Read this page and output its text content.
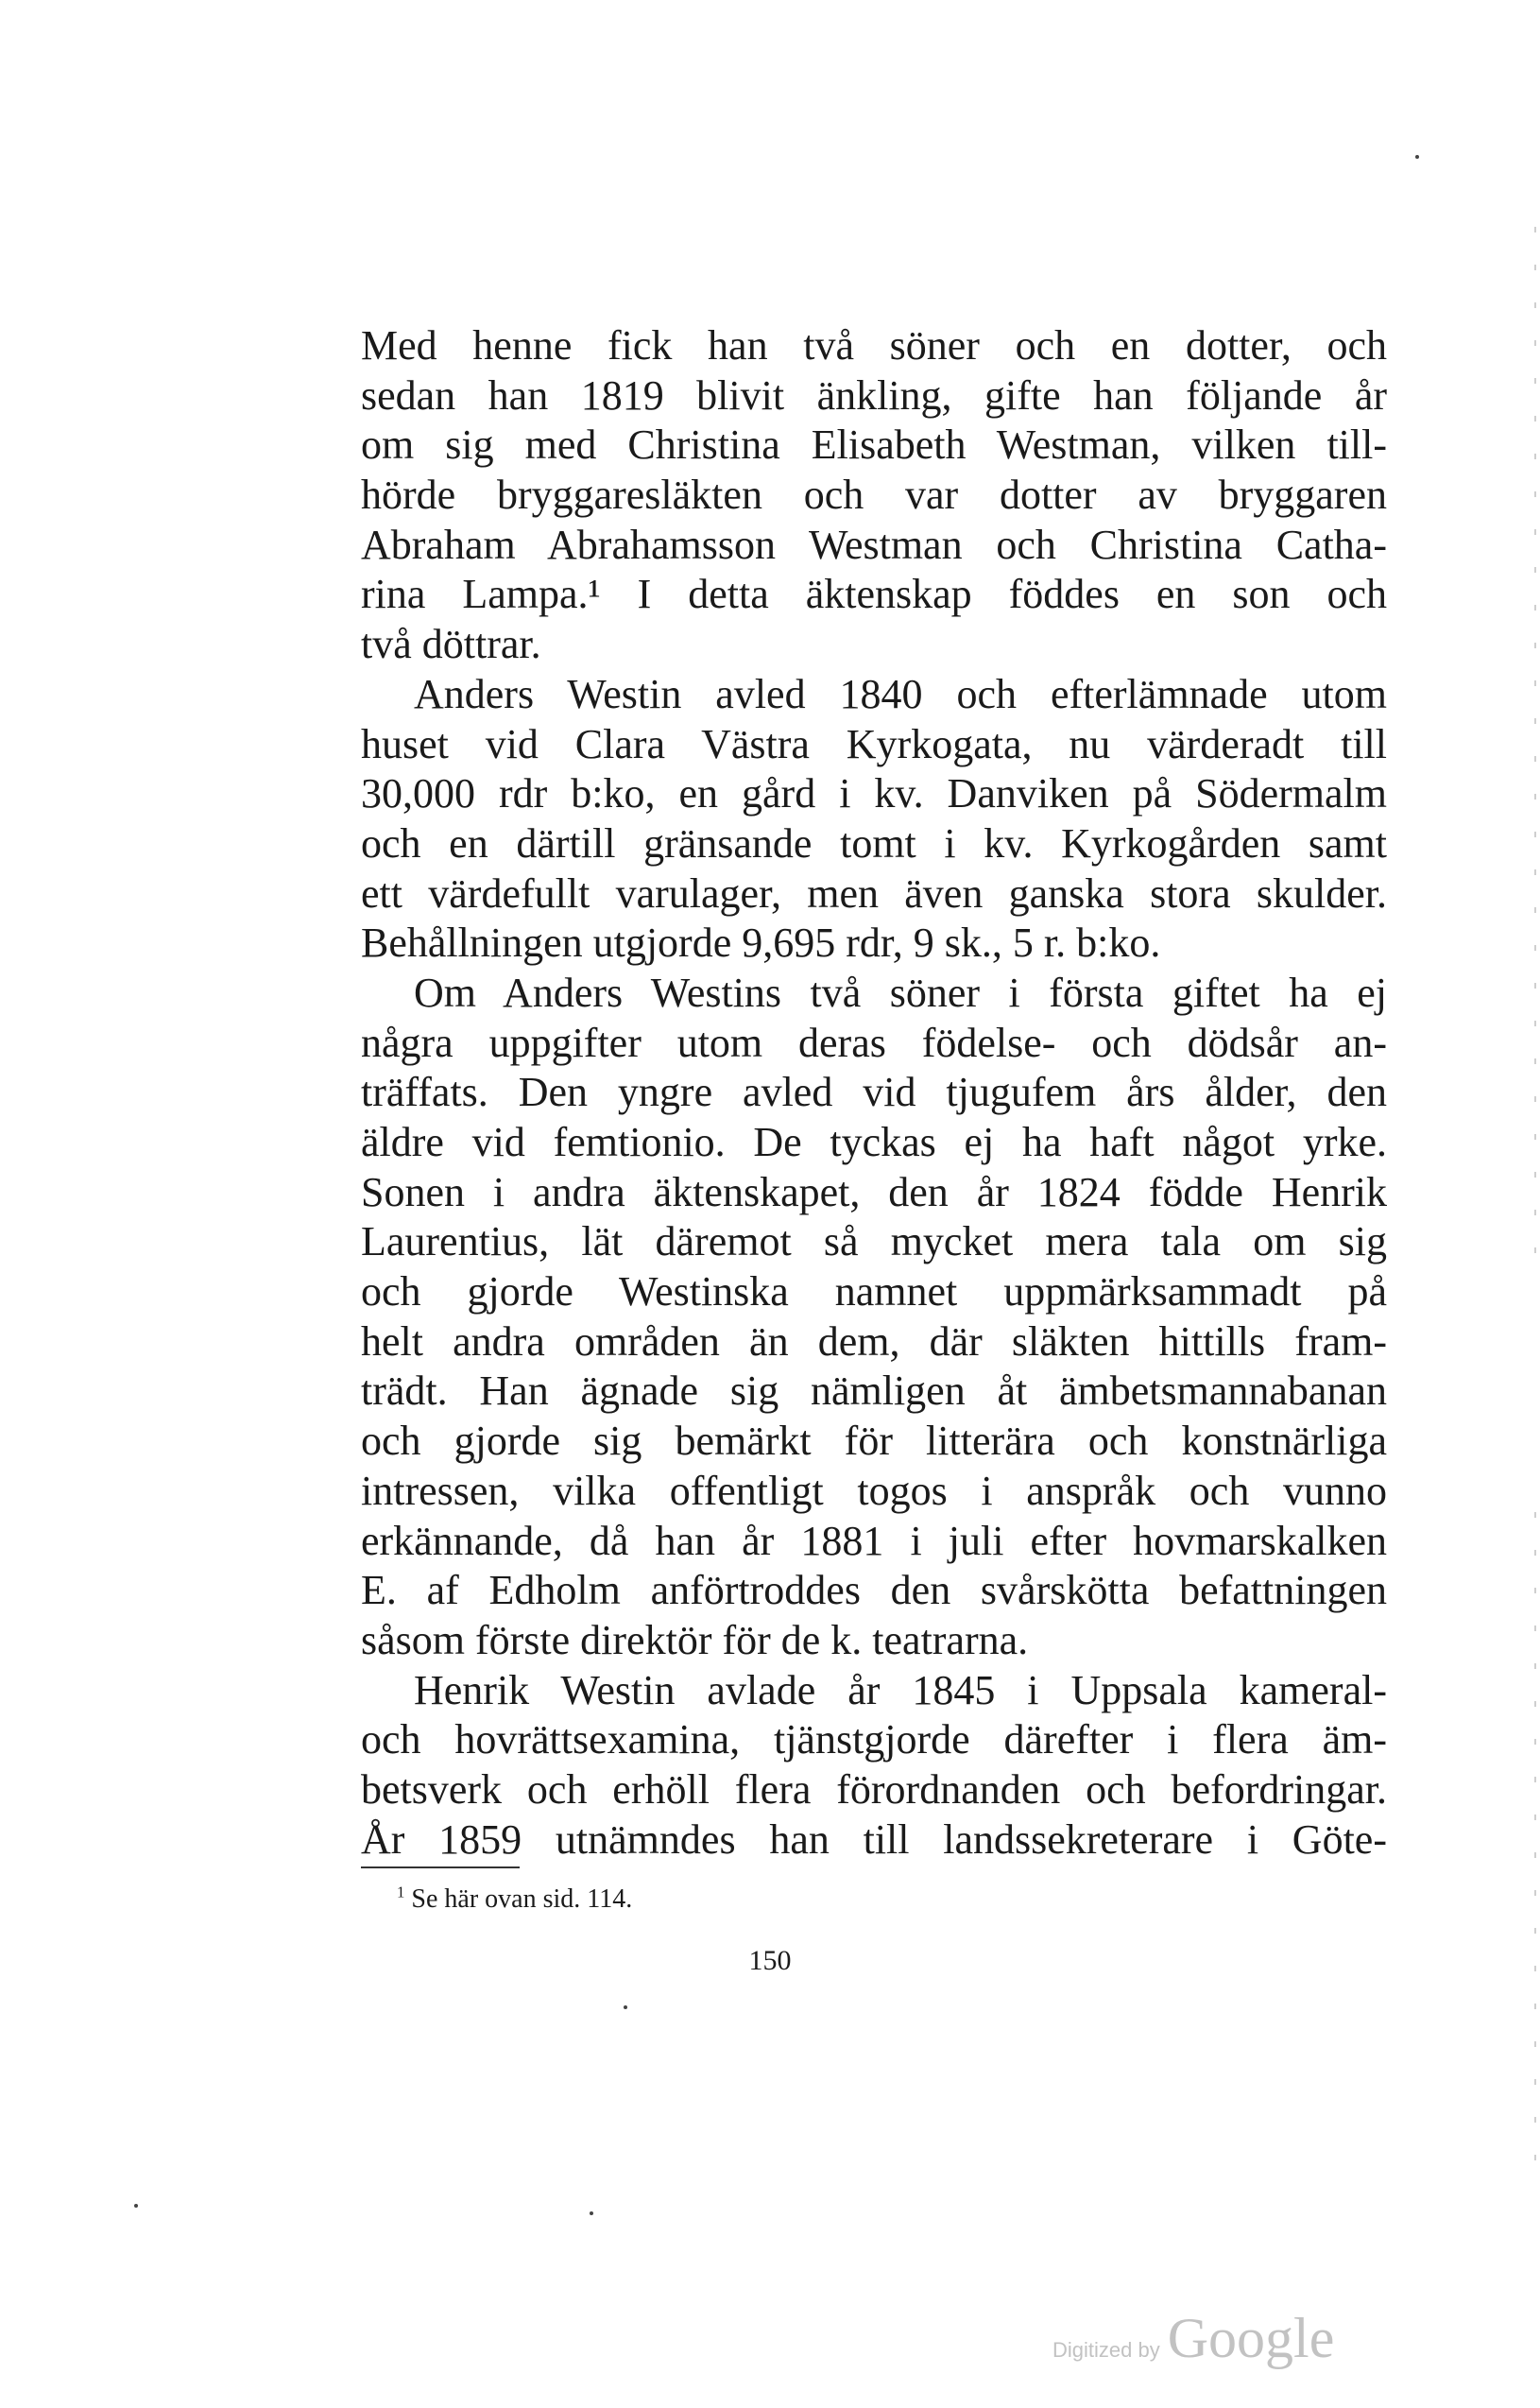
Med henne fick han två söner och en dotter, och
sedan han 1819 blivit änkling, gifte han följande år
om sig med Christina Elisabeth Westman, vilken till-
hörde bryggaresläkten och var dotter av bryggaren
Abraham Abrahamsson Westman och Christina Catha-
rina Lampa.¹ I detta äktenskap föddes en son och
två döttrar.
Anders Westin avled 1840 och efterlämnade utom
huset vid Clara Västra Kyrkogata, nu värderadt till
30,000 rdr b:ko, en gård i kv. Danviken på Södermalm
och en därtill gränsande tomt i kv. Kyrkogården samt
ett värdefullt varulager, men även ganska stora skulder.
Behållningen utgjorde 9,695 rdr, 9 sk., 5 r. b:ko.
Om Anders Westins två söner i första giftet ha ej
några uppgifter utom deras födelse- och dödsår an-
träffats. Den yngre avled vid tjugufem års ålder, den
äldre vid femtionio. De tyckas ej ha haft något yrke.
Sonen i andra äktenskapet, den år 1824 födde Henrik
Laurentius, lät däremot så mycket mera tala om sig
och gjorde Westinska namnet uppmärksammadt på
helt andra områden än dem, där släkten hittills fram-
trädt. Han ägnade sig nämligen åt ämbetsmannabanan
och gjorde sig bemärkt för litterära och konstnärliga
intressen, vilka offentligt togos i anspråk och vunno
erkännande, då han år 1881 i juli efter hovmarskalken
E. af Edholm anförtroddes den svårskötta befattningen
såsom förste direktör för de k. teatrarna.
Henrik Westin avlade år 1845 i Uppsala kameral-
och hovrättsexamina, tjänstgjorde därefter i flera äm-
betsverk och erhöll flera förordnanden och befordringar.
År 1859 utnämndes han till landssekreterare i Göte-
$^1$ Se här ovan sid. 114.
150
Digitized by Google
